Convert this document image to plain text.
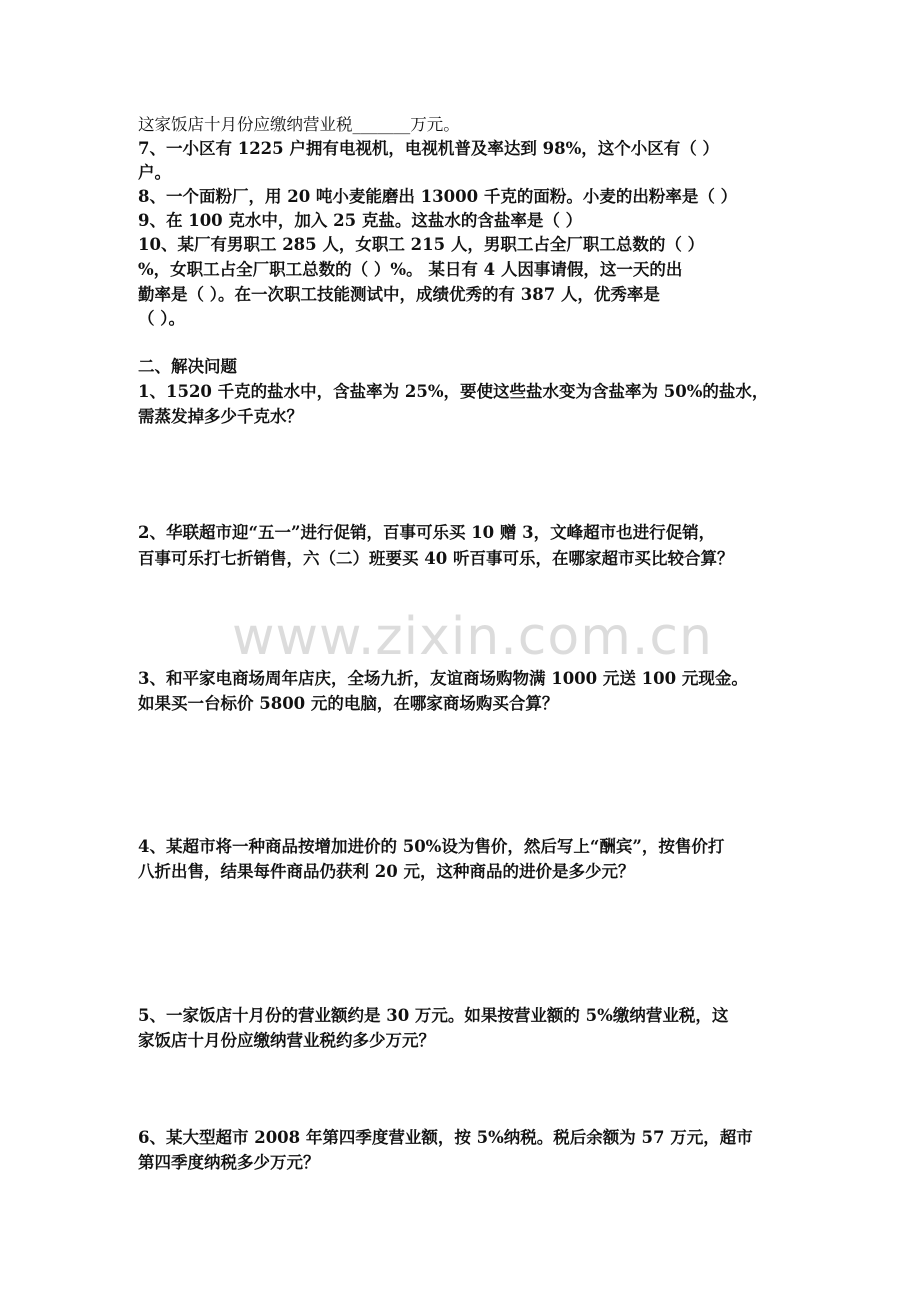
这家饭店十月份应缴纳营业税_______万元。
7、一小区有 1225 户拥有电视机，电视机普及率达到 98%，这个小区有（ ）
户。
8、一个面粉厂，用 20 吨小麦能磨出 13000 千克的面粉。小麦的出粉率是（ ）
9、在 100 克水中，加入 25 克盐。这盐水的含盐率是（ ）
10、某厂有男职工 285 人，女职工 215 人，男职工占全厂职工总数的（ ）
%，女职工占全厂职工总数的（ ）%。 某日有 4 人因事请假，这一天的出
勤率是（ ）。在一次职工技能测试中，成绩优秀的有 387 人，优秀率是
（ ）。
二、解决问题
1、1520 千克的盐水中，含盐率为 25%，要使这些盐水变为含盐率为 50%的盐水，
需蒸发掉多少千克水？
2、华联超市迎“五一”进行促销，百事可乐买 10 赠 3，文峰超市也进行促销，
百事可乐打七折销售，六（二）班要买 40 听百事可乐，在哪家超市买比较合算？
3、和平家电商场周年店庆，全场九折，友谊商场购物满 1000 元送 100 元现金。
如果买一台标价 5800 元的电脑，在哪家商场购买合算？
4、某超市将一种商品按增加进价的 50%设为售价，然后写上“酬宾”，按售价打
八折出售，结果每件商品仍获利 20 元，这种商品的进价是多少元？
5、一家饭店十月份的营业额约是 30 万元。如果按营业额的 5%缴纳营业税，这
家饭店十月份应缴纳营业税约多少万元？
6、某大型超市 2008 年第四季度营业额，按 5%纳税。税后余额为 57 万元，超市
第四季度纳税多少万元？
www.zixin.com.cn
